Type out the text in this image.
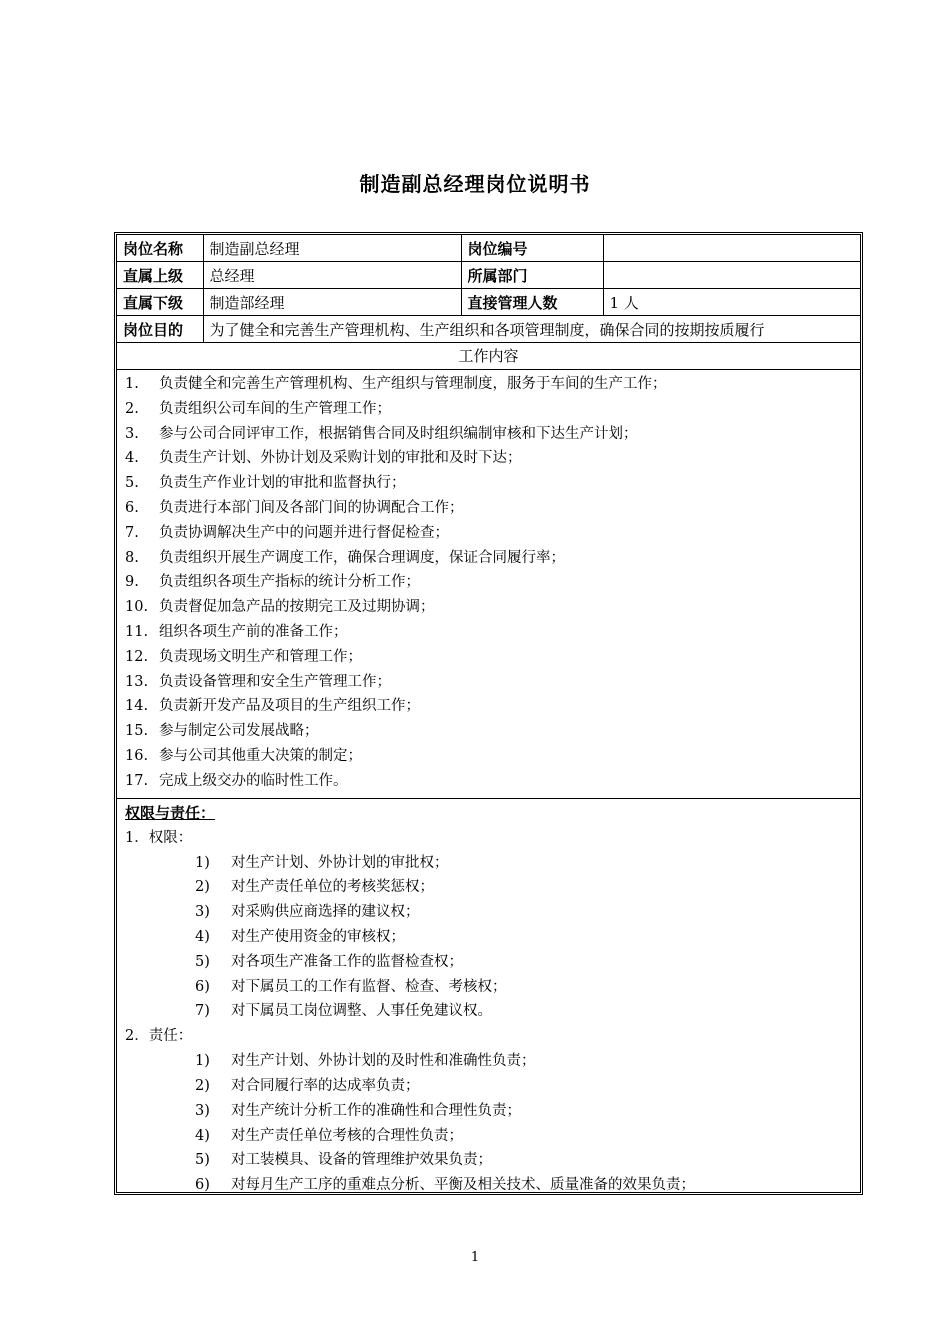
制造副总经理岗位说明书
岗位名称	制造副总经理	岗位编号	
直属上级	总经理	所属部门	
直属下级	制造部经理	直接管理人数	1 人
岗位目的	为了健全和完善生产管理机构、生产组织和各项管理制度，确保合同的按期按质履行		
工作内容
1. 负责健全和完善生产管理机构、生产组织与管理制度，服务于车间的生产工作；
2. 负责组织公司车间的生产管理工作；
3. 参与公司合同评审工作，根据销售合同及时组织编制审核和下达生产计划；
4. 负责生产计划、外协计划及采购计划的审批和及时下达；
5. 负责生产作业计划的审批和监督执行；
6. 负责进行本部门间及各部门间的协调配合工作；
7. 负责协调解决生产中的问题并进行督促检查；
8. 负责组织开展生产调度工作，确保合理调度，保证合同履行率；
9. 负责组织各项生产指标的统计分析工作；
10. 负责督促加急产品的按期完工及过期协调；
11. 组织各项生产前的准备工作；
12. 负责现场文明生产和管理工作；
13. 负责设备管理和安全生产管理工作；
14. 负责新开发产品及项目的生产组织工作；
15. 参与制定公司发展战略；
16. 参与公司其他重大决策的制定；
17. 完成上级交办的临时性工作。
权限与责任：
1．权限：
1) 对生产计划、外协计划的审批权；
2) 对生产责任单位的考核奖惩权；
3) 对采购供应商选择的建议权；
4) 对生产使用资金的审核权；
5) 对各项生产准备工作的监督检查权；
6) 对下属员工的工作有监督、检查、考核权；
7) 对下属员工岗位调整、人事任免建议权。
2．责任：
1) 对生产计划、外协计划的及时性和准确性负责；
2) 对合同履行率的达成率负责；
3) 对生产统计分析工作的准确性和合理性负责；
4) 对生产责任单位考核的合理性负责；
5) 对工装模具、设备的管理维护效果负责；
6) 对每月生产工序的重难点分析、平衡及相关技术、质量准备的效果负责；
1
